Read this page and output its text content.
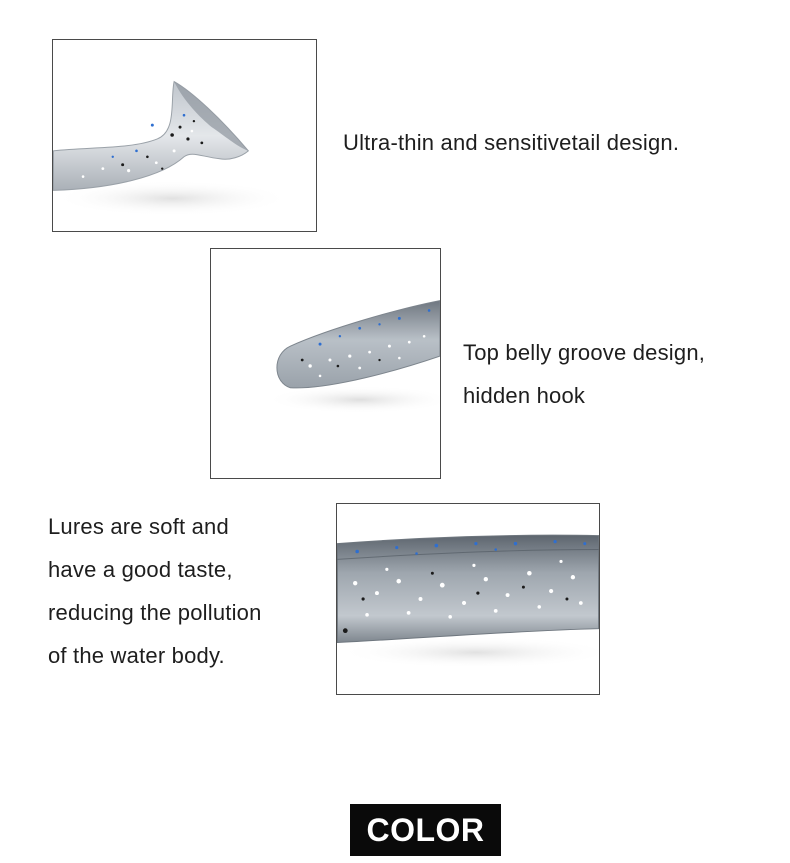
Ultra-thin and sensitivetail design.
Top belly groove design,
hidden hook
Lures are soft and
have a good taste,
reducing the pollution
of the water body.
COLOR
